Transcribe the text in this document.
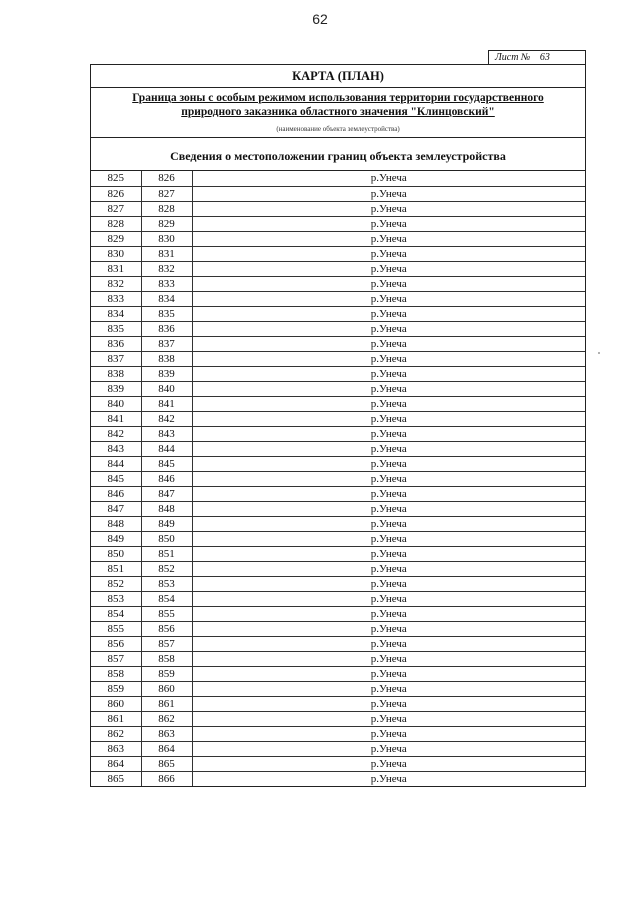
62
Лист № 63
КАРТА (ПЛАН)
Граница зоны с особым режимом использования территории государственного природного заказника областного значения "Клинцовский"
(наименование объекта землеустройства)
Сведения о местоположении границ объекта землеустройства
825	826	р.Унеча
826	827	р.Унеча
827	828	р.Унеча
828	829	р.Унеча
829	830	р.Унеча
830	831	р.Унеча
831	832	р.Унеча
832	833	р.Унеча
833	834	р.Унеча
834	835	р.Унеча
835	836	р.Унеча
836	837	р.Унеча
837	838	р.Унеча
838	839	р.Унеча
839	840	р.Унеча
840	841	р.Унеча
841	842	р.Унеча
842	843	р.Унеча
843	844	р.Унеча
844	845	р.Унеча
845	846	р.Унеча
846	847	р.Унеча
847	848	р.Унеча
848	849	р.Унеча
849	850	р.Унеча
850	851	р.Унеча
851	852	р.Унеча
852	853	р.Унеча
853	854	р.Унеча
854	855	р.Унеча
855	856	р.Унеча
856	857	р.Унеча
857	858	р.Унеча
858	859	р.Унеча
859	860	р.Унеча
860	861	р.Унеча
861	862	р.Унеча
862	863	р.Унеча
863	864	р.Унеча
864	865	р.Унеча
865	866	р.Унеча
